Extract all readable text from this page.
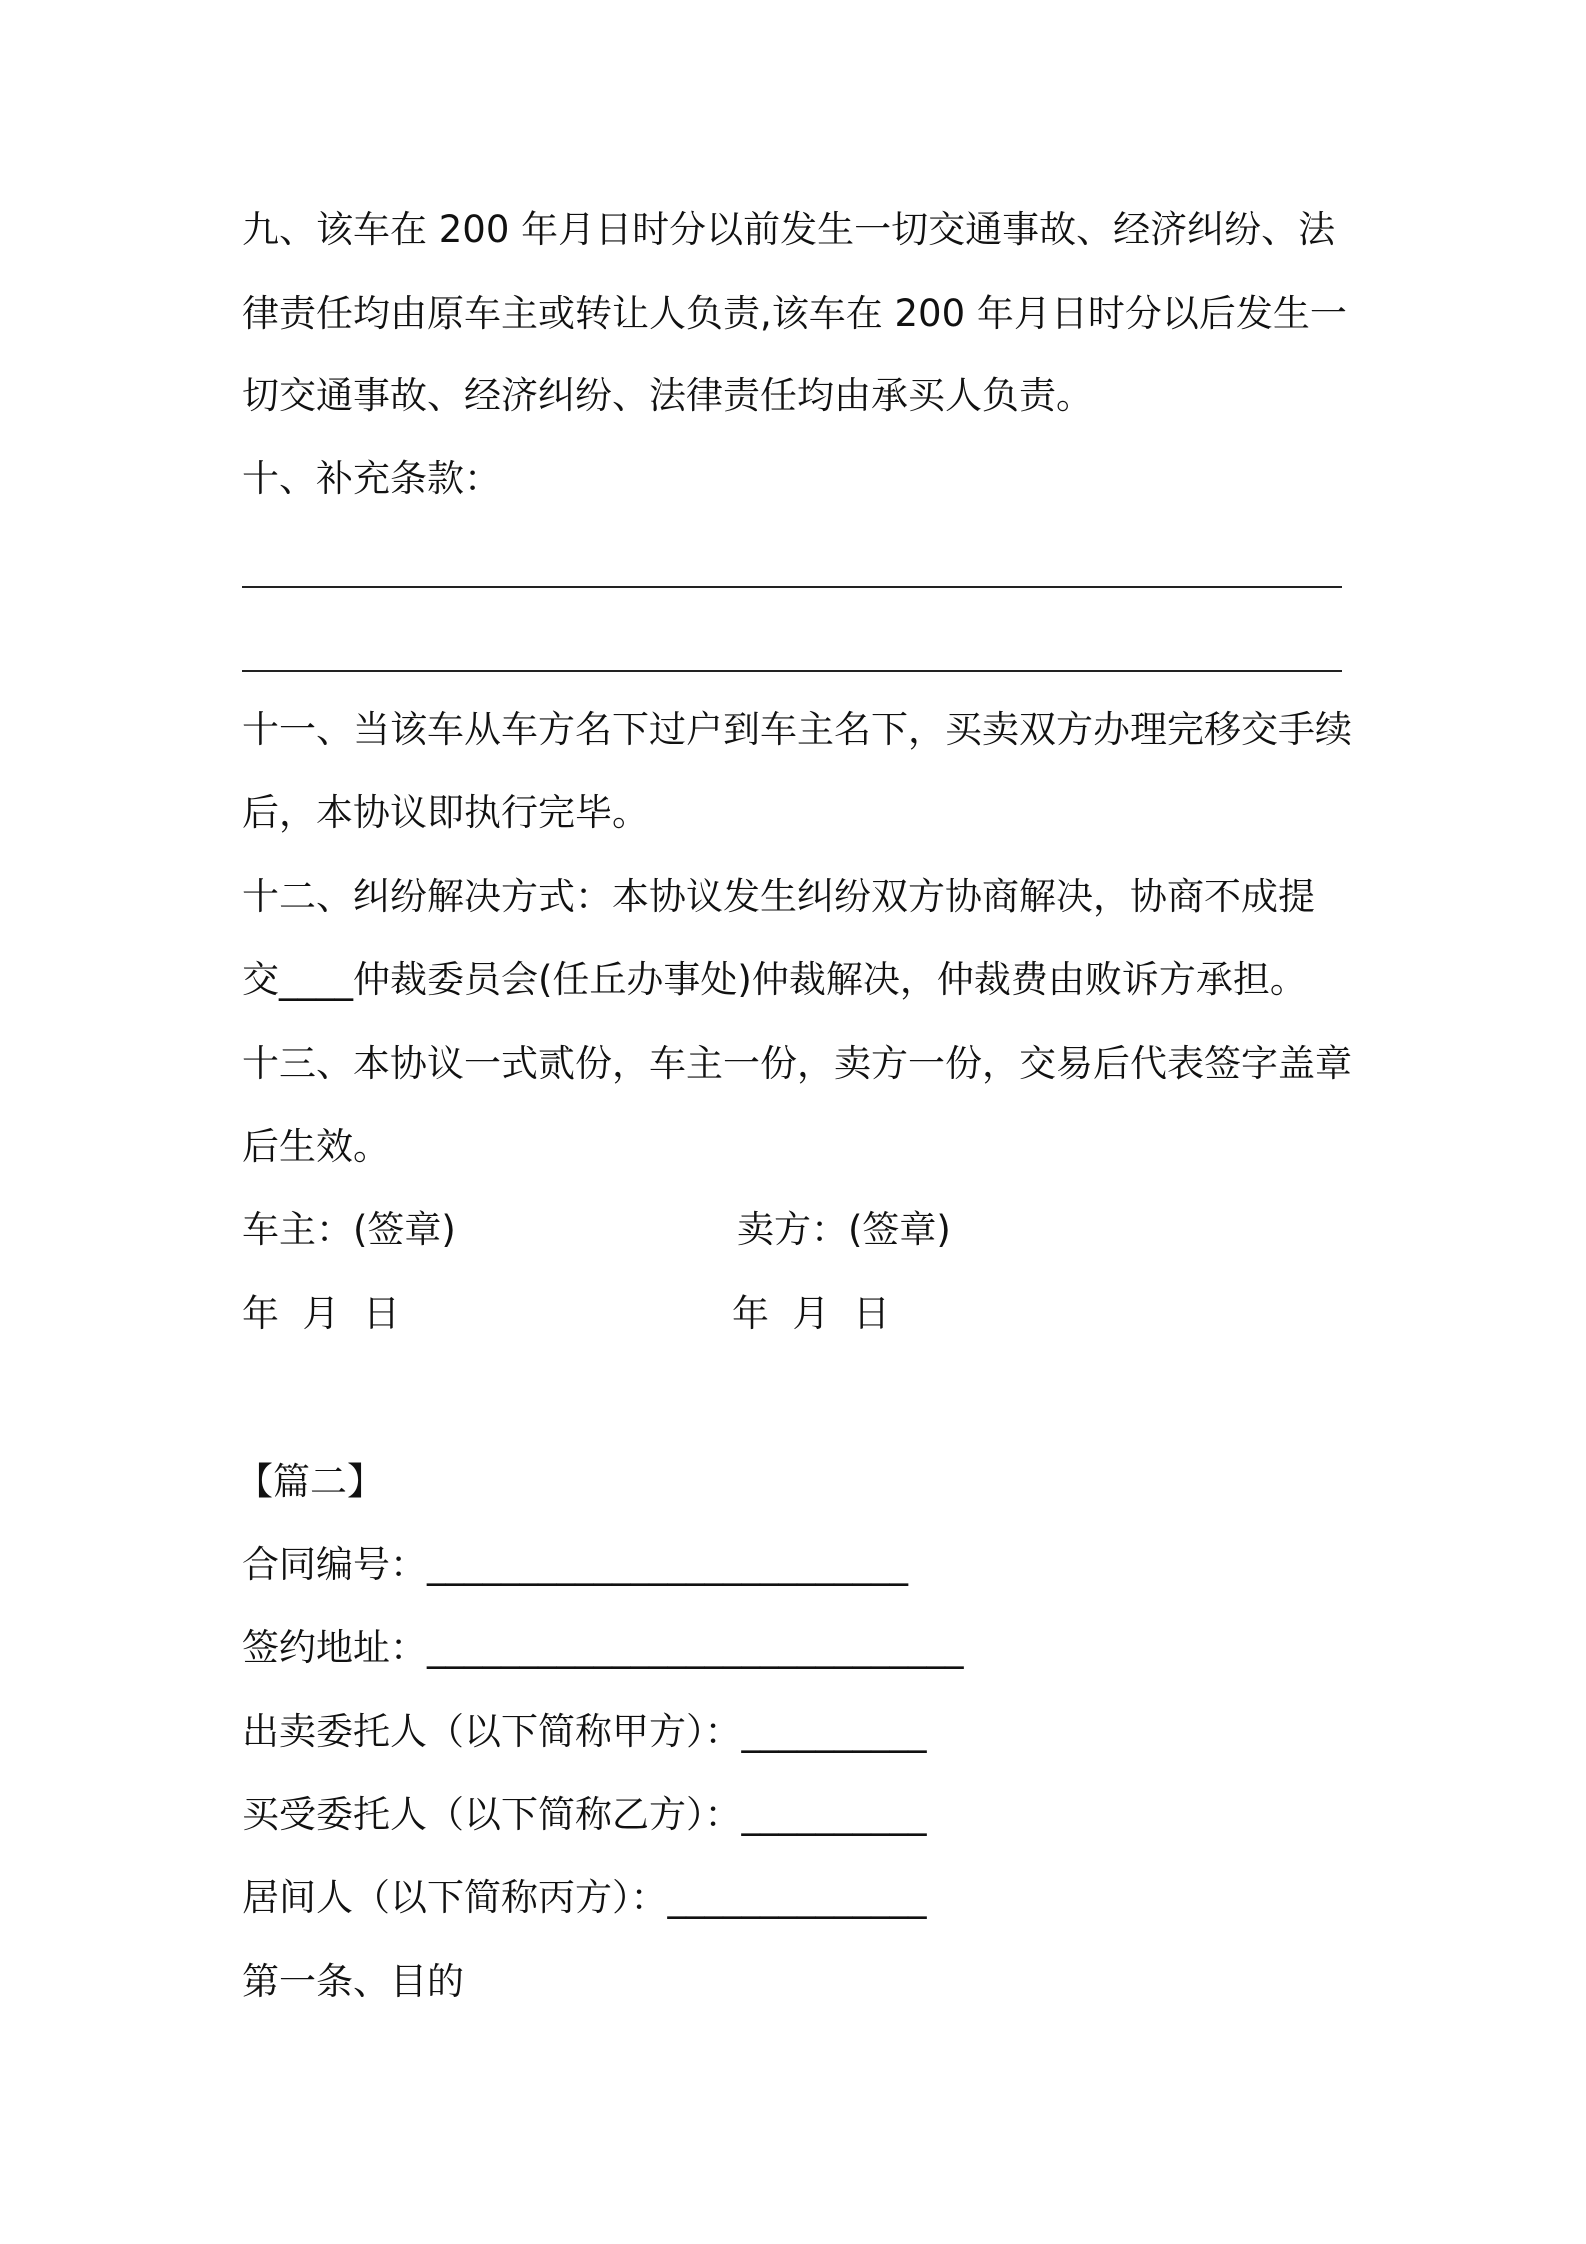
九、该车在 200 年月日时分以前发生一切交通事故、经济纠纷、法

律责任均由原车主或转让人负责,该车在 200 年月日时分以后发生一

切交通事故、经济纠纷、法律责任均由承买人负责。

十、补充条款：

十一、当该车从车方名下过户到车主名下，买卖双方办理完移交手续

后，本协议即执行完毕。

十二、纠纷解决方式：本协议发生纠纷双方协商解决，协商不成提

交____仲裁委员会(任丘办事处)仲裁解决，仲裁费由败诉方承担。

十三、本协议一式贰份，车主一份，卖方一份，交易后代表签字盖章

后生效。

车主：(签章)	卖方：(签章)

年  月  日	年  月  日

【篇二】

合同编号：__________________________

签约地址：_____________________________

出卖委托人（以下简称甲方）：__________

买受委托人（以下简称乙方）：__________

居间人（以下简称丙方）：______________

第一条、目的
